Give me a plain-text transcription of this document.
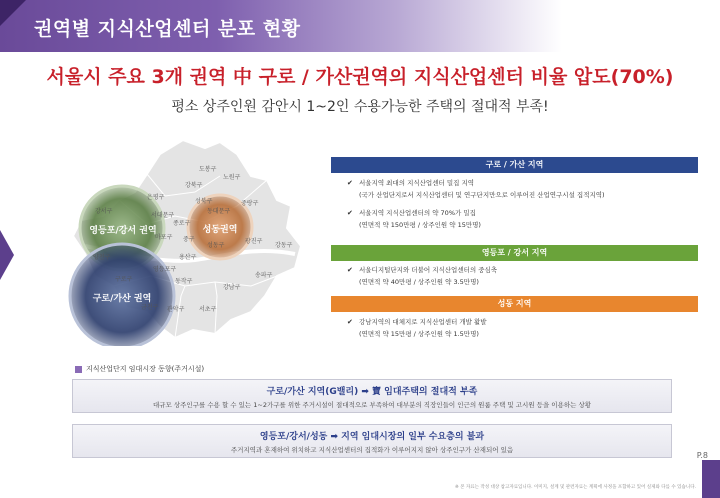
권역별 지식산업센터 분포 현황
서울시 주요 3개 권역 中 구로 / 가산권역의 지식산업센터 비율 압도(70%)
평소 상주인원 감안시 1~2인 수용가능한 주택의 절대적 부족!
도봉구
노원구
강북구
은평구
성북구
서대문구
종로구
동대문구
중랑구
마포구 중구
성동구
광진구
강서구
용산구
영등포구
동작구
송파구
강동구
양천구
구로구
금천구 관악구 서초구
강남구
영등포/강서 권역	성동권역
구로/가산 권역
구로 / 가산 지역
✔ 서울지역 최대의 지식산업센터 밀집 지역
(국가 산업단지로서 지식산업센터 및 연구단지만으로 이루어진 산업연구시설 집적지역)
✔ 서울지역 지식산업센터의 약 70%가 밀집
(연면적 약 150만평 / 상주인원 약 15만명)
영등포 / 강서 지역
✔ 서울디지털단지와 더불어 지식산업센터의 중심축
(연면적 약 40만평 / 상주인원 약 3.5만명)
성동 지역
✔ 강남지역의 대체지로 지식산업센터 개발 활발
(연면적 약 15만평 / 상주인원 약 1.5만명)
지식산업단지 임대시장 동향(주거시설)
구로/가산 지역(G밸리) ➡ 寶 임대주택의 절대적 부족
대규모 상주인구를 수용 할 수 있는 1~2가구를 위한 주거시설이 절대적으로 부족하여 대부분의 직장인들이 인근의 원룸 주택 및 고시원 등을 이용하는 상황
영등포/강서/성동 ➡ 지역 임대시장의 일부 수요층의 불과
주거지역과 혼재하여 위치하고 지식산업센터의 집적화가 이루어지지 않아 상주인구가 산재되어 있음
P.8
※ 본 자료는 작성 대상 참고자료입니다. 이미지, 설계 및 관련자료는 계획에 사정을 포함하고 있어 실제와 다를 수 있습니다.
